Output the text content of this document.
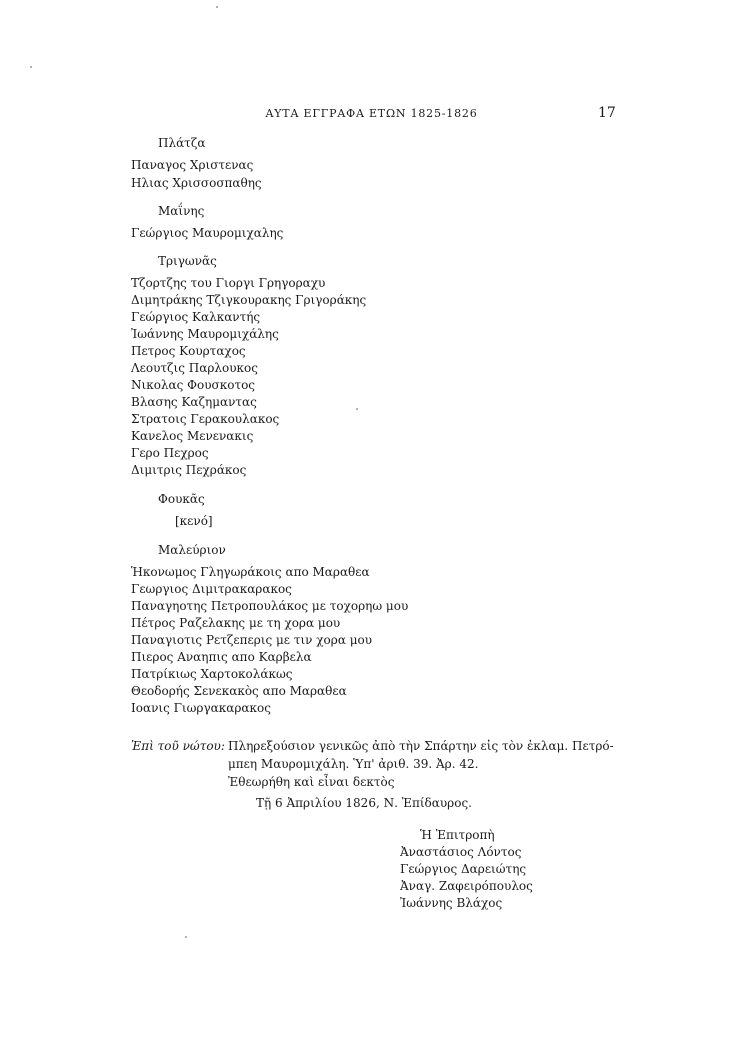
ΑΥΤΑ ΕΓΓΡΑΦΑ ΕΤΩΝ 1825-1826	17
Πλάτζα
Παναγος Χριστενας
Ηλιας Χρισσοσπαθης
Μαΐνης
Γεώργιος Μαυρομιχαλης
Τριγωνᾶς
Τζορτζης του Γιοργι Γρηγοραχυ
Διμητράκης Τζιγκουρακης Γριγοράκης
Γεώργιος Καλκαντής
Ἰωάννης Μαυρομιχάλης
Πετρος Κουρταχος
Λεουτζις Παρλουκος
Νικολας Φουσκοτος
Βλασης Καζημαντας
Στρατοις Γερακουλακος
Κανελος Μενενακις
Γερο Πεχρος
Διμιτρις Πεχράκος
Φουκᾶς
[κενό]
Μαλεύριον
Ἡκονωμος Γληγωράκοις απο Μαραθεα
Γεωργιος Διμιτρακαρακος
Παναγηοτης Πετροπουλάκος με τοχορηω μου
Πέτρος Ραζελακης με τη χορα μου
Παναγιοτις Ρετζεπερις με τιν χορα μου
Πιερος Αναηπις απο Καρβελα
Πατρίκιως Χαρτοκολάκως
Θεοδορής Σενεκακὸς απο Μαραθεα
Ιοανις Γιωργακαρακος
Ἐπὶ τοῦ νώτου: Πληρεξούσιον γενικῶς ἀπὸ τὴν Σπάρτην εἰς τὸν ἐκλαμ. Πετρό-
μπεη Μαυρομιχάλη. Ὑπ' ἀριθ. 39. Ἀρ. 42.
Ἐθεωρήθη καὶ εἶναι δεκτὸς
Τῇ 6 Ἀπριλίου 1826, Ν. Ἐπίδαυρος.
Ἡ Ἐπιτροπὴ
Ἀναστάσιος Λόντος
Γεώργιος Δαρειώτης
Ἀναγ. Ζαφειρόπουλος
Ἰωάννης Βλάχος
